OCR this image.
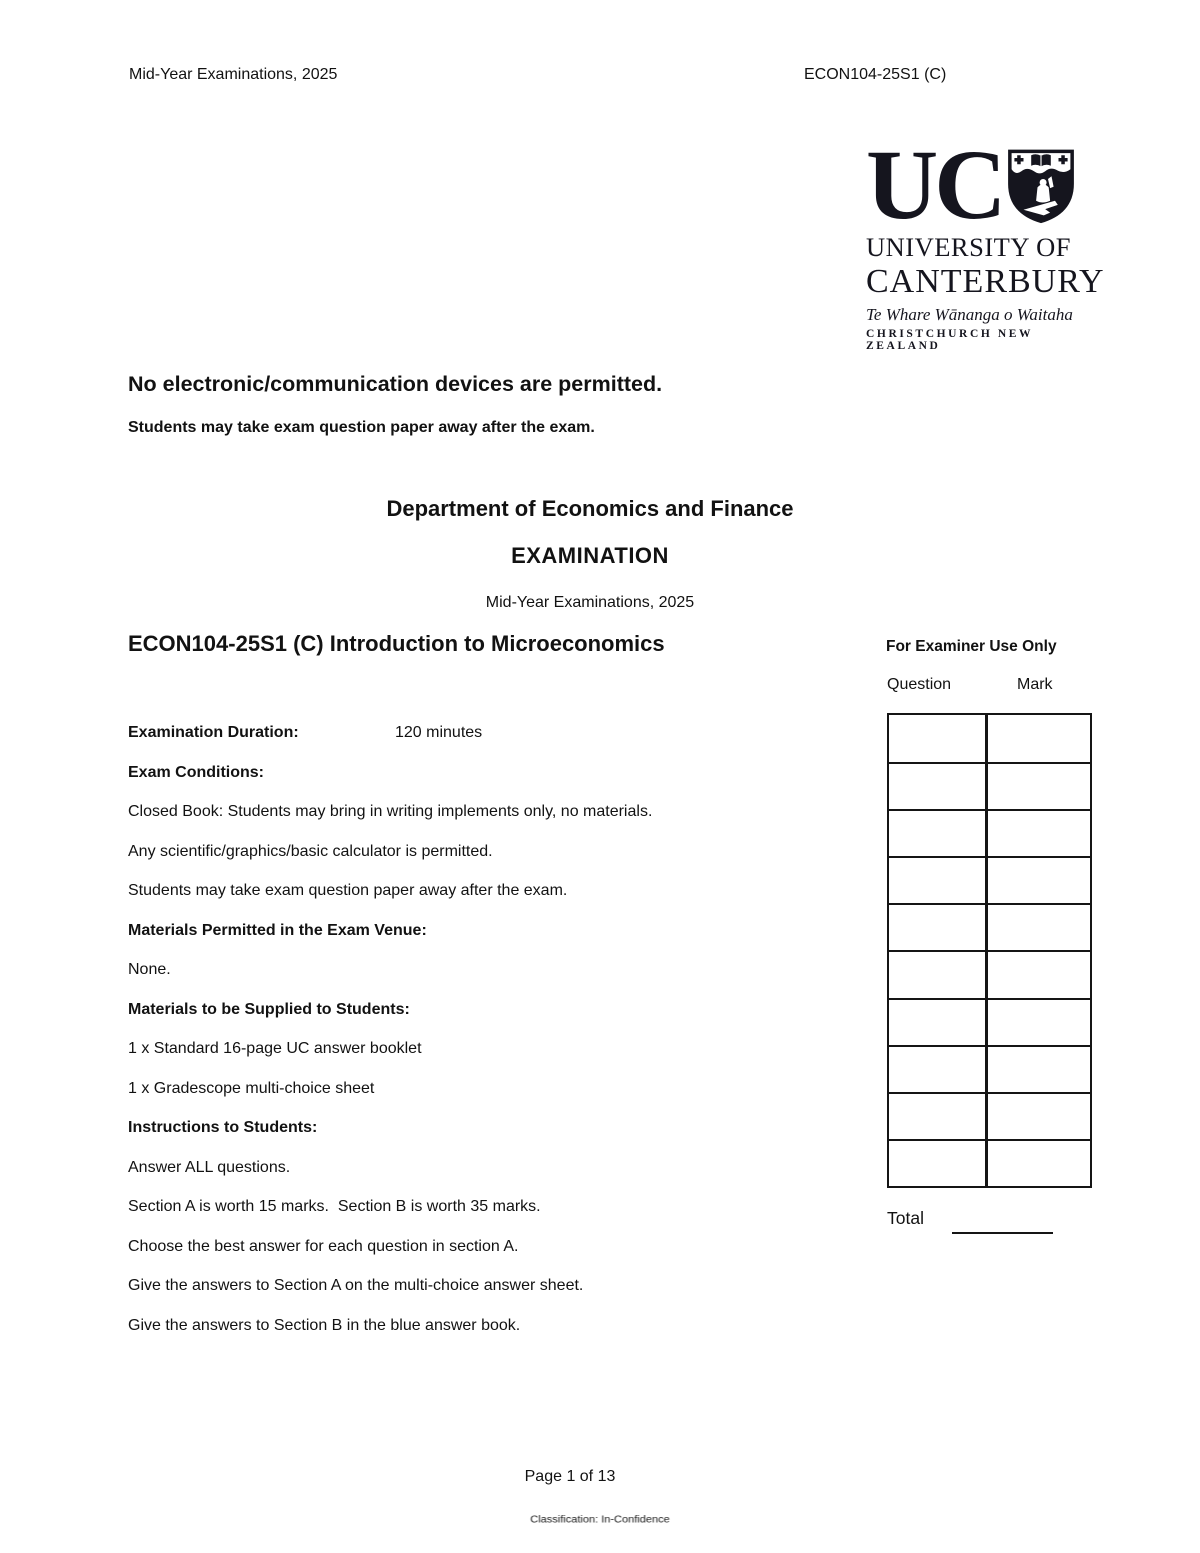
Mid-Year Examinations, 2025	ECON104-25S1 (C)
UC
UNIVERSITY OF
CANTERBURY
Te Whare Wānanga o Waitaha
CHRISTCHURCH NEW ZEALAND
No electronic/communication devices are permitted.
Students may take exam question paper away after the exam.
Department of Economics and Finance
EXAMINATION
Mid-Year Examinations, 2025
ECON104-25S1 (C) Introduction to Microeconomics	For Examiner Use Only
Question	Mark
Total
Examination Duration:	120 minutes
Exam Conditions:
Closed Book: Students may bring in writing implements only, no materials.
Any scientific/graphics/basic calculator is permitted.
Students may take exam question paper away after the exam.
Materials Permitted in the Exam Venue:
None.
Materials to be Supplied to Students:
1 x Standard 16-page UC answer booklet
1 x Gradescope multi-choice sheet
Instructions to Students:
Answer ALL questions.
Section A is worth 15 marks.  Section B is worth 35 marks.
Choose the best answer for each question in section A.
Give the answers to Section A on the multi-choice answer sheet.
Give the answers to Section B in the blue answer book.
Page 1 of 13
Classification: In-Confidence
